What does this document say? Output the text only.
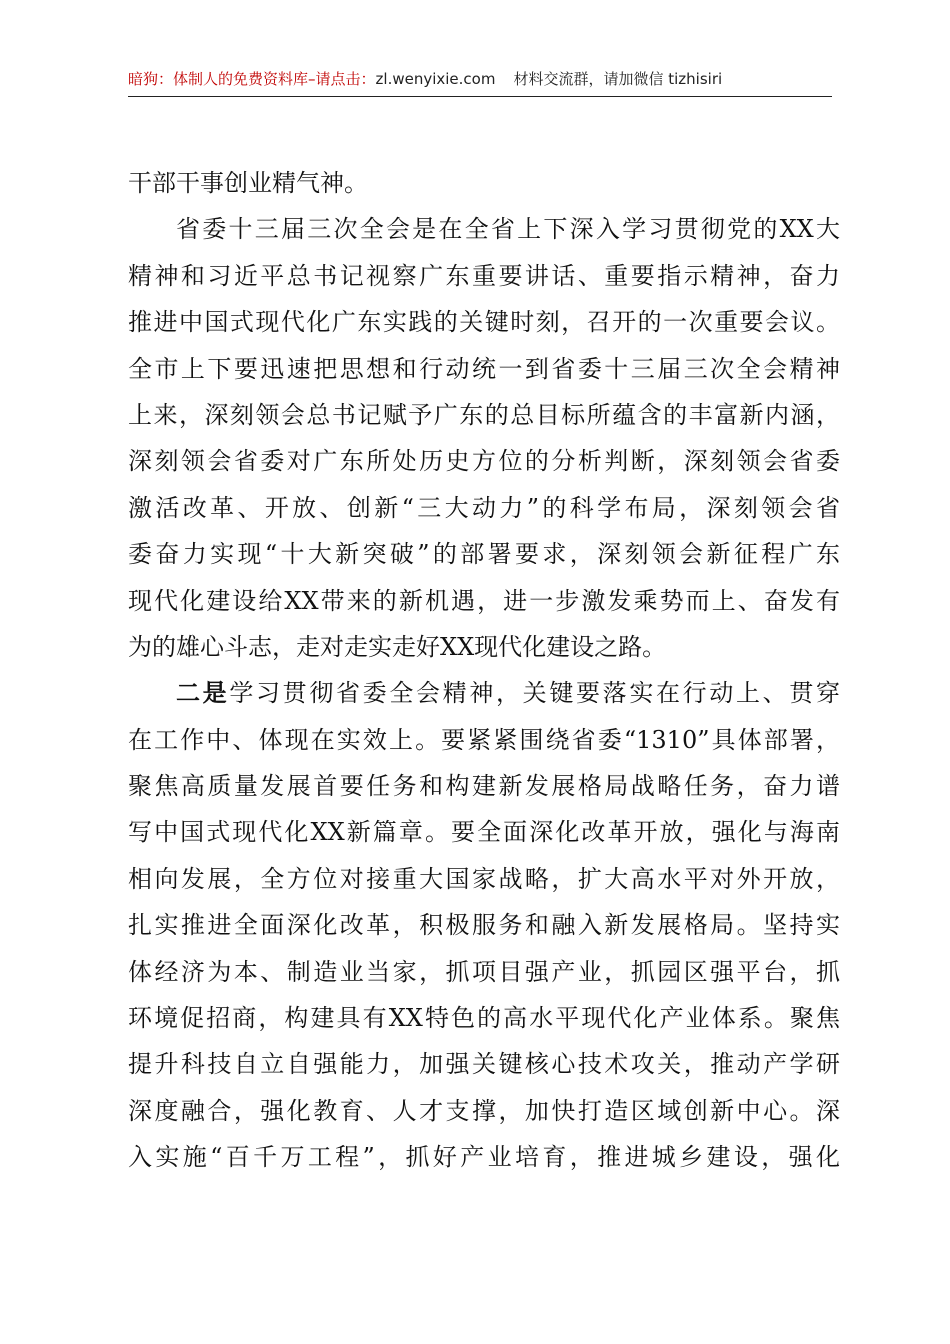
暗狗：体制人的免费资料库–请点击：zl.wenyixie.com 材料交流群，请加微信 tizhisiri
干部干事创业精气神。
省委十三届三次全会是在全省上下深入学习贯彻党的XX大
精神和习近平总书记视察广东重要讲话、重要指示精神，奋力
推进中国式现代化广东实践的关键时刻，召开的一次重要会议。
全市上下要迅速把思想和行动统一到省委十三届三次全会精神
上来，深刻领会总书记赋予广东的总目标所蕴含的丰富新内涵，
深刻领会省委对广东所处历史方位的分析判断，深刻领会省委
激活改革、开放、创新“三大动力”的科学布局，深刻领会省
委奋力实现“十大新突破”的部署要求，深刻领会新征程广东
现代化建设给XX带来的新机遇，进一步激发乘势而上、奋发有
为的雄心斗志，走对走实走好XX现代化建设之路。
二是学习贯彻省委全会精神，关键要落实在行动上、贯穿
在工作中、体现在实效上。要紧紧围绕省委“1310”具体部署，
聚焦高质量发展首要任务和构建新发展格局战略任务，奋力谱
写中国式现代化XX新篇章。要全面深化改革开放，强化与海南
相向发展，全方位对接重大国家战略，扩大高水平对外开放，
扎实推进全面深化改革，积极服务和融入新发展格局。坚持实
体经济为本、制造业当家，抓项目强产业，抓园区强平台，抓
环境促招商，构建具有XX特色的高水平现代化产业体系。聚焦
提升科技自立自强能力，加强关键核心技术攻关，推动产学研
深度融合，强化教育、人才支撑，加快打造区域创新中心。深
入实施“百千万工程”，抓好产业培育，推进城乡建设，强化
